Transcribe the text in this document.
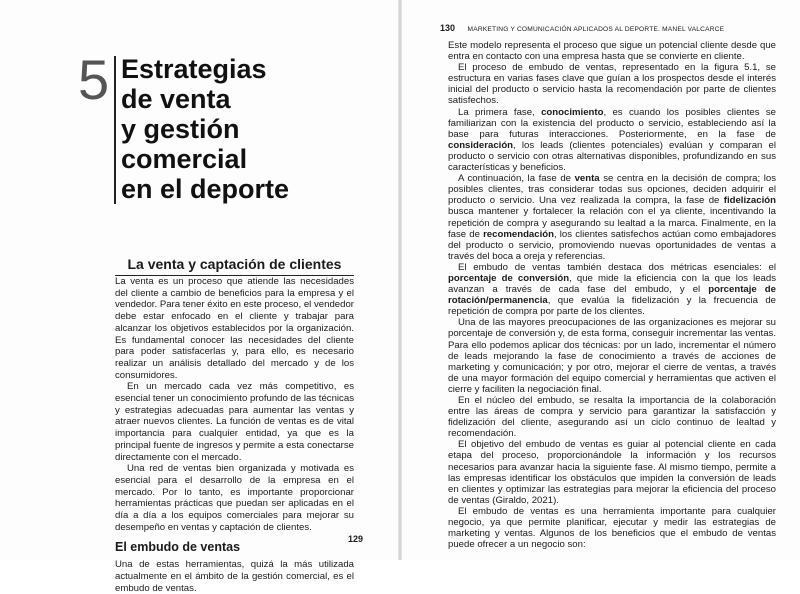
5 Estrategias
de venta
y gestión
comercial
en el deporte
La venta y captación de clientes

La venta es un proceso que atiende las necesidades del cliente a cambio de beneficios para la empresa y el vendedor. Para tener éxito en este proceso, el vendedor debe estar enfocado en el cliente y trabajar para alcanzar los objetivos establecidos por la organización. Es fundamental conocer las necesidades del cliente para poder satisfacerlas y, para ello, es necesario realizar un análisis detallado del mercado y de los consumidores.

En un mercado cada vez más competitivo, es esencial tener un conocimiento profundo de las técnicas y estrategias adecuadas para aumentar las ventas y atraer nuevos clientes. La función de ventas es de vital importancia para cualquier entidad, ya que es la principal fuente de ingresos y permite a esta conectarse directamente con el mercado.

Una red de ventas bien organizada y motivada es esencial para el desarrollo de la empresa en el mercado. Por lo tanto, es importante proporcionar herramientas prácticas que puedan ser aplicadas en el día a día a los equipos comerciales para mejorar su desempeño en ventas y captación de clientes.

El embudo de ventas

Una de estas herramientas, quizá la más utilizada actualmente en el ámbito de la gestión comercial, es el embudo de ventas.

129
130 MARKETING Y COMUNICACIÓN APLICADOS AL DEPORTE. MANEL VALCARCE

Este modelo representa el proceso que sigue un potencial cliente desde que entra en contacto con una empresa hasta que se convierte en cliente.

El proceso de embudo de ventas, representado en la figura 5.1, se estructura en varias fases clave que guían a los prospectos desde el interés inicial del producto o servicio hasta la recomendación por parte de clientes satisfechos.

La primera fase, conocimiento, es cuando los posibles clientes se familiarizan con la existencia del producto o servicio, estableciendo así la base para futuras interacciones. Posteriormente, en la fase de consideración, los leads (clientes potenciales) evalúan y comparan el producto o servicio con otras alternativas disponibles, profundizando en sus características y beneficios.

A continuación, la fase de venta se centra en la decisión de compra; los posibles clientes, tras considerar todas sus opciones, deciden adquirir el producto o servicio. Una vez realizada la compra, la fase de fidelización busca mantener y fortalecer la relación con el ya cliente, incentivando la repetición de compra y asegurando su lealtad a la marca. Finalmente, en la fase de recomendación, los clientes satisfechos actúan como embajadores del producto o servicio, promoviendo nuevas oportunidades de ventas a través del boca a oreja y referencias.

El embudo de ventas también destaca dos métricas esenciales: el porcentaje de conversión, que mide la eficiencia con la que los leads avanzan a través de cada fase del embudo, y el porcentaje de rotación/permanencia, que evalúa la fidelización y la frecuencia de repetición de compra por parte de los clientes.

Una de las mayores preocupaciones de las organizaciones es mejorar su porcentaje de conversión y, de esta forma, conseguir incrementar las ventas. Para ello podemos aplicar dos técnicas: por un lado, incrementar el número de leads mejorando la fase de conocimiento a través de acciones de marketing y comunicación; y por otro, mejorar el cierre de ventas, a través de una mayor formación del equipo comercial y herramientas que activen el cierre y faciliten la negociación final.

En el núcleo del embudo, se resalta la importancia de la colaboración entre las áreas de compra y servicio para garantizar la satisfacción y fidelización del cliente, asegurando así un ciclo continuo de lealtad y recomendación.

El objetivo del embudo de ventas es guiar al potencial cliente en cada etapa del proceso, proporcionándole la información y los recursos necesarios para avanzar hacia la siguiente fase. Al mismo tiempo, permite a las empresas identificar los obstáculos que impiden la conversión de leads en clientes y optimizar las estrategias para mejorar la eficiencia del proceso de ventas (Giraldo, 2021).

El embudo de ventas es una herramienta importante para cualquier negocio, ya que permite planificar, ejecutar y medir las estrategias de marketing y ventas. Algunos de los beneficios que el embudo de ventas puede ofrecer a un negocio son:
